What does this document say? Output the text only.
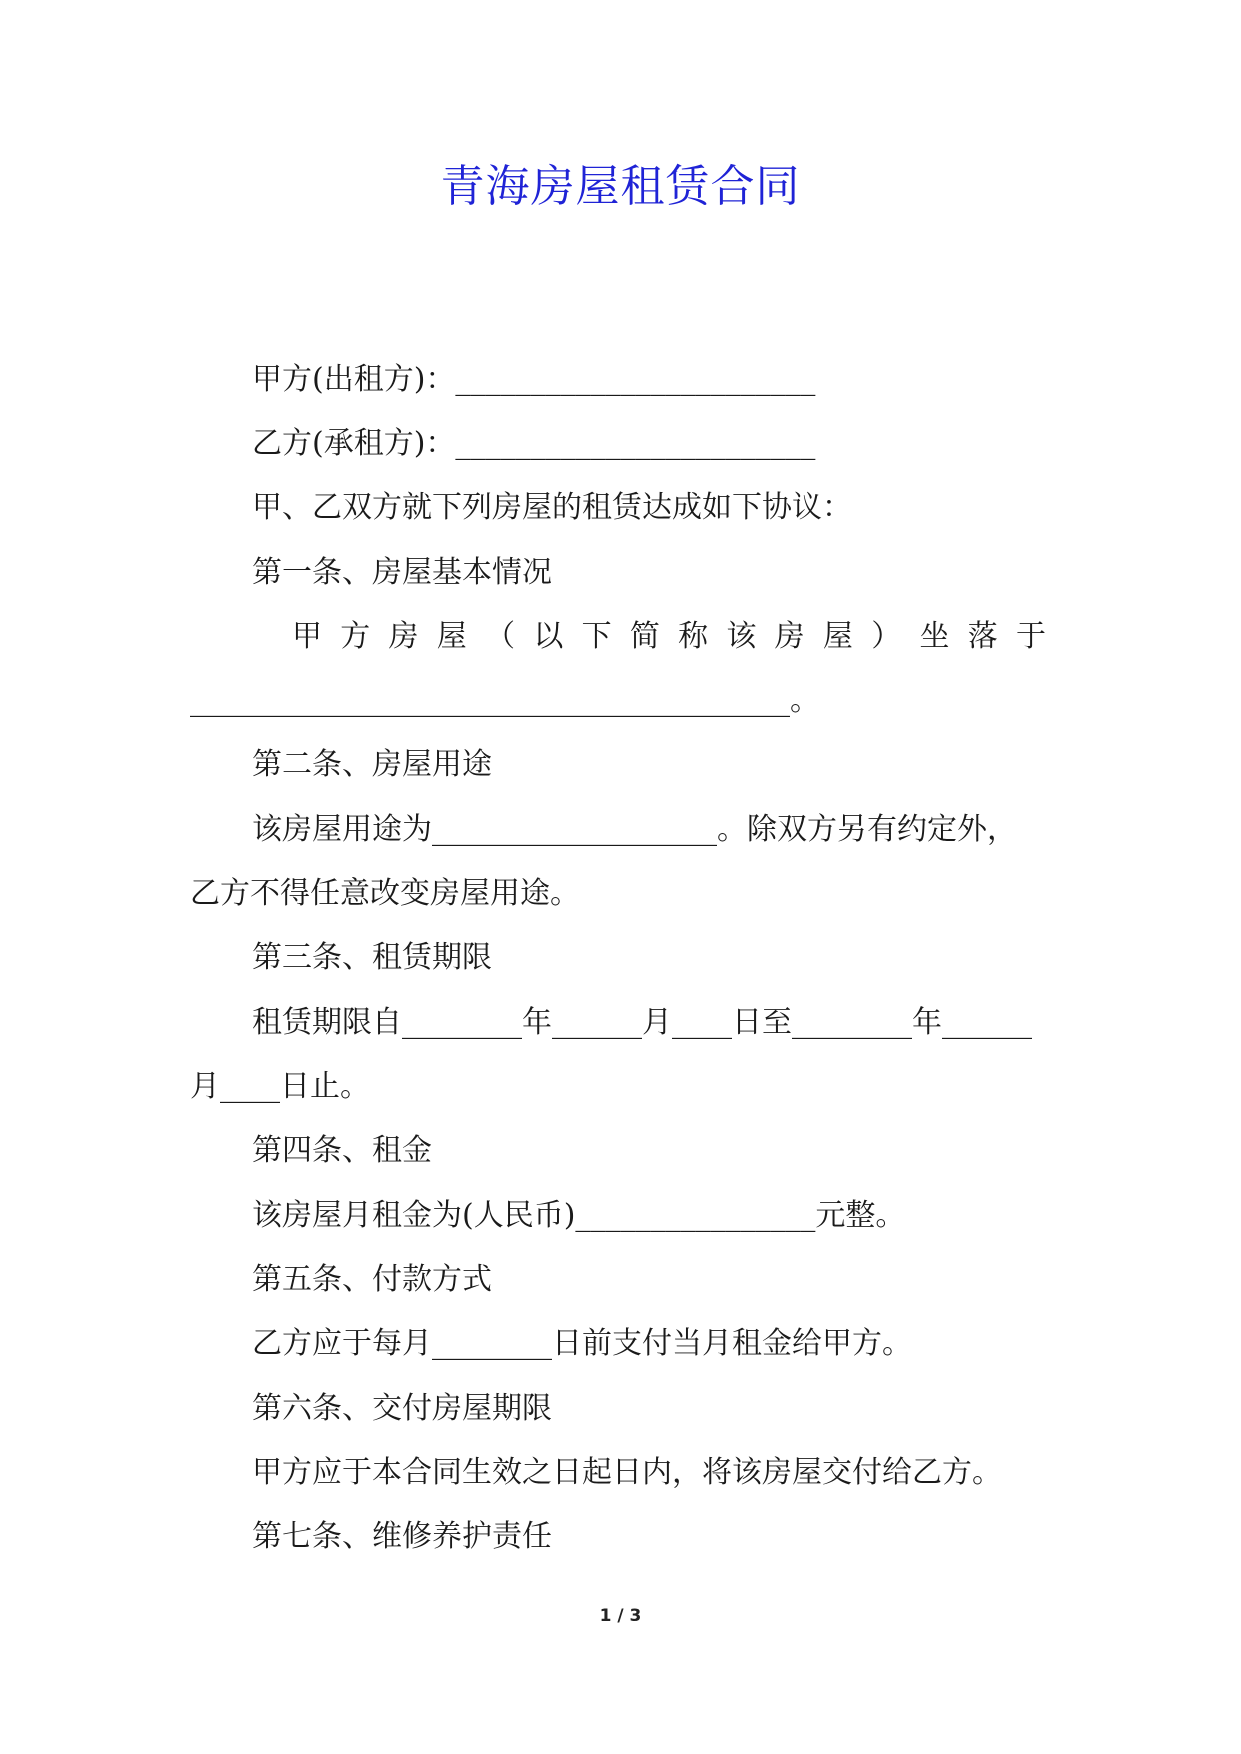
青海房屋租赁合同
甲方(出租方)：________________________
乙方(承租方)：________________________
甲、乙双方就下列房屋的租赁达成如下协议：
第一条、房屋基本情况
甲 方 房 屋 （ 以 下 简 称 该 房 屋 ） 坐 落 于
________________________________________。
第二条、房屋用途
该房屋用途为___________________。除双方另有约定外，
乙方不得任意改变房屋用途。
第三条、租赁期限
租赁期限自________年______月____日至________年______
月____日止。
第四条、租金
该房屋月租金为(人民币)________________元整。
第五条、付款方式
乙方应于每月________日前支付当月租金给甲方。
第六条、交付房屋期限
甲方应于本合同生效之日起日内，将该房屋交付给乙方。
第七条、维修养护责任
1 / 3
